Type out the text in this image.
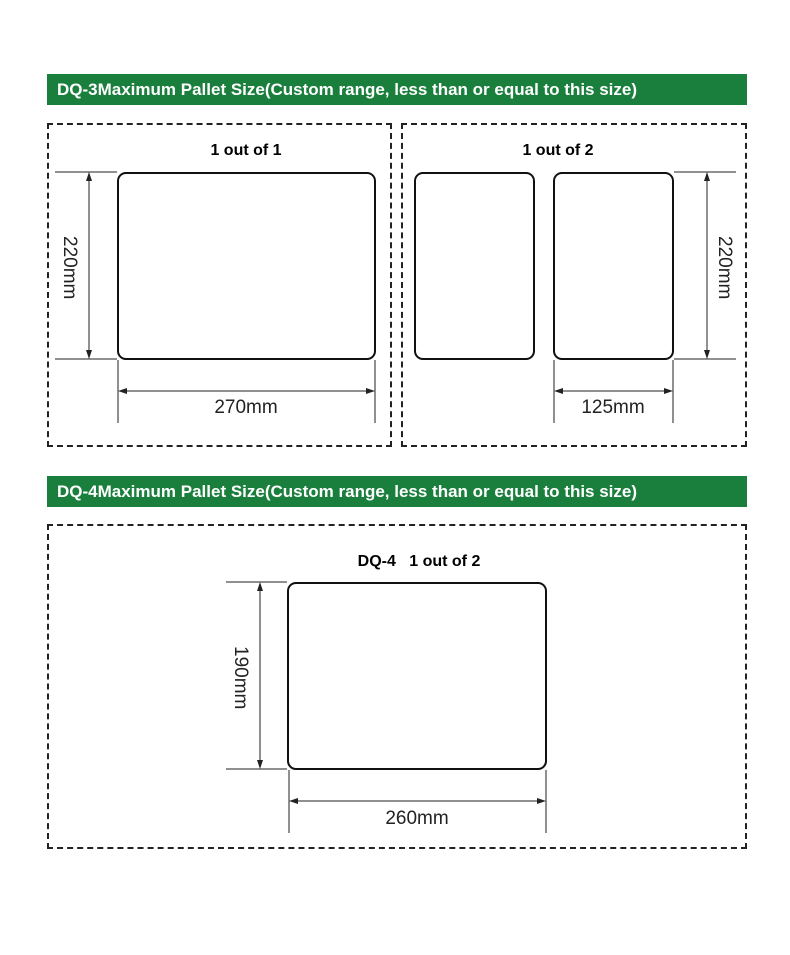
DQ-3Maximum Pallet Size(Custom range, less than or equal to this size)
1 out of 1
220mm
270mm
1 out of 2
220mm
125mm
DQ-4Maximum Pallet Size(Custom range, less than or equal to this size)
DQ-4   1 out of 2
190mm
260mm
